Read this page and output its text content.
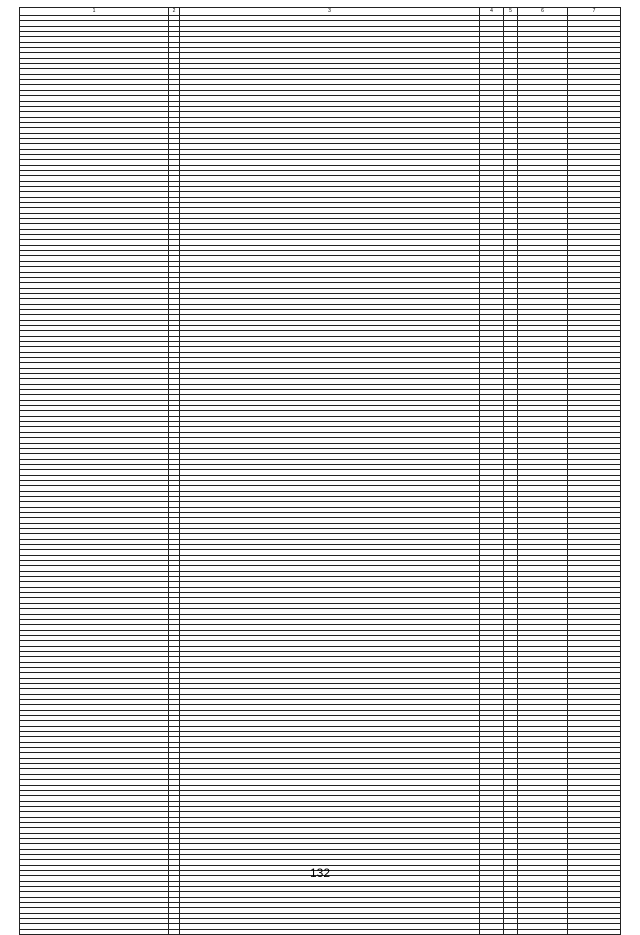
1	2	3	4	5	6	7

132
